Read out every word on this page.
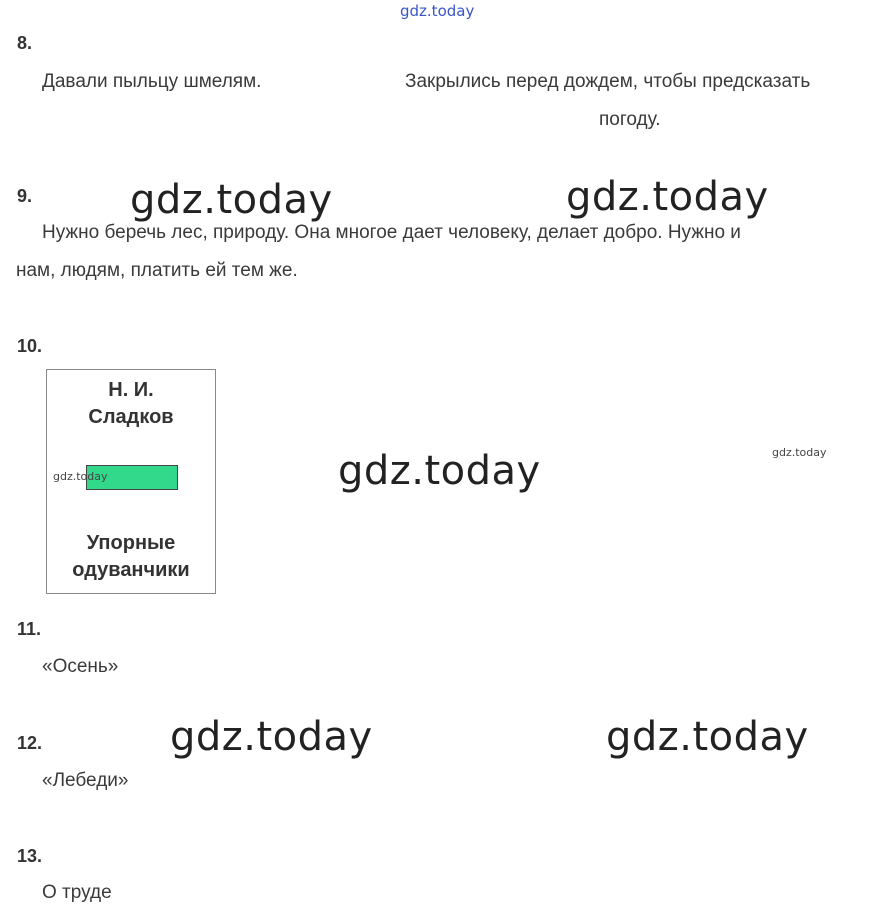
gdz.today
8.
Давали пыльцу шмелям.	Закрылись перед дождем, чтобы предсказать
погоду.
9. gdz.today	gdz.today
Нужно беречь лес, природу. Она многое дает человеку, делает добро. Нужно и
нам, людям, платить ей тем же.
10.
Н. И.
Сладков
gdz.today
Упорные
одуванчики
gdz.today	gdz.today
11.
«Осень»
12.	gdz.today	gdz.today
«Лебеди»
13.
О труде
